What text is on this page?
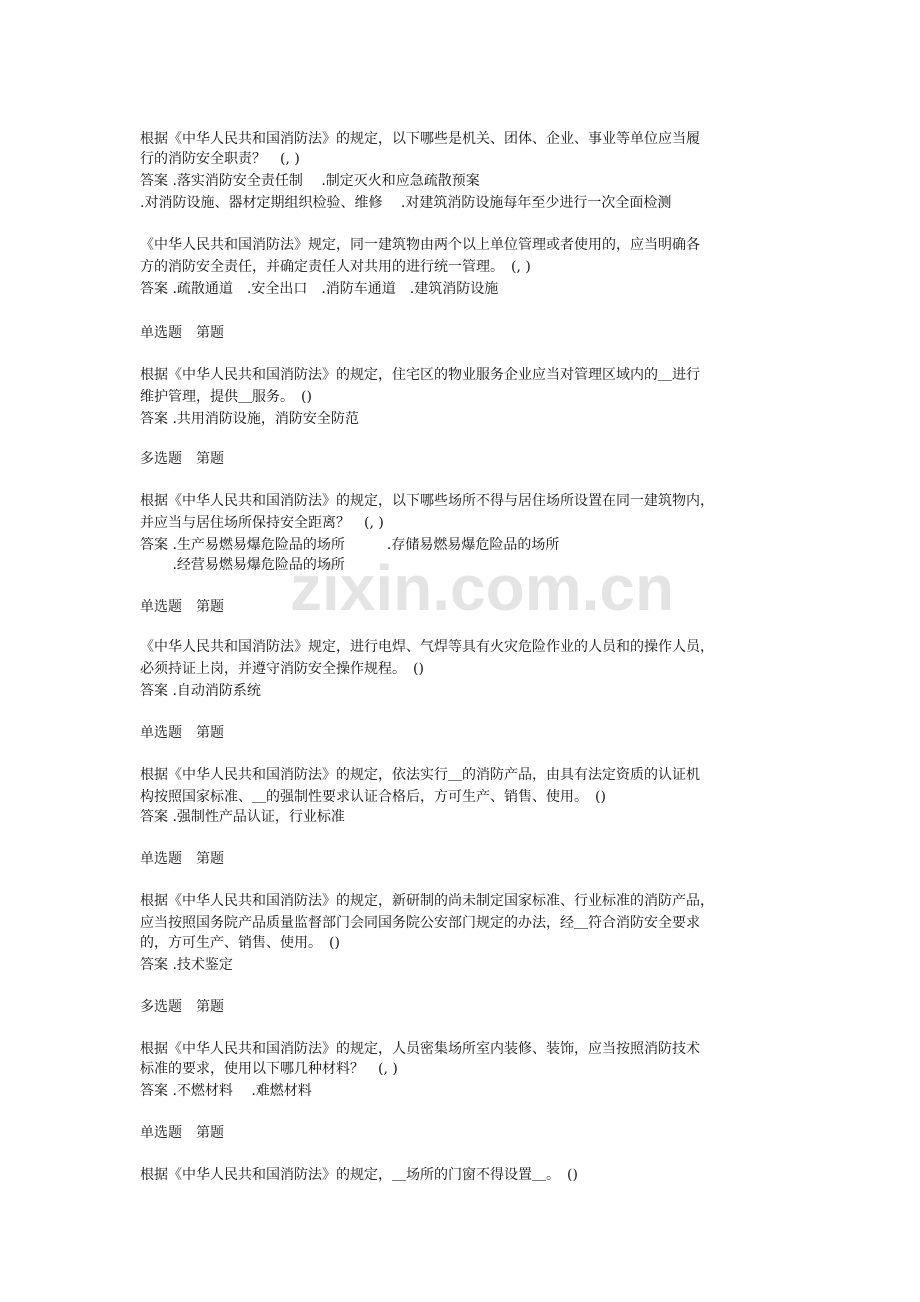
根据《中华人民共和国消防法》的规定，以下哪些是机关、团体、企业、事业等单位应当履
行的消防安全职责？　(, )
答案 .落实消防安全责任制　 .制定灭火和应急疏散预案
.对消防设施、器材定期组织检验、维修　 .对建筑消防设施每年至少进行一次全面检测
《中华人民共和国消防法》规定，同一建筑物由两个以上单位管理或者使用的，应当明确各
方的消防安全责任，并确定责任人对共用的进行统一管理。　(, )
答案 .疏散通道　.安全出口　.消防车通道　.建筑消防设施
单选题　第题
根据《中华人民共和国消防法》的规定，住宅区的物业服务企业应当对管理区域内的＿进行
维护管理，提供＿服务。　()
答案 .共用消防设施，消防安全防范
多选题　第题
根据《中华人民共和国消防法》的规定，以下哪些场所不得与居住场所设置在同一建筑物内，
并应当与居住场所保持安全距离？　(, )
答案 .生产易燃易爆危险品的场所　　　.存储易燃易爆危险品的场所
　　 .经营易燃易爆危险品的场所
单选题　第题
《中华人民共和国消防法》规定，进行电焊、气焊等具有火灾危险作业的人员和的操作人员，
必须持证上岗，并遵守消防安全操作规程。　()
答案 .自动消防系统
单选题　第题
根据《中华人民共和国消防法》的规定，依法实行＿的消防产品，由具有法定资质的认证机
构按照国家标准、＿的强制性要求认证合格后，方可生产、销售、使用。　()
答案 .强制性产品认证，行业标准
单选题　第题
根据《中华人民共和国消防法》的规定，新研制的尚未制定国家标准、行业标准的消防产品，
应当按照国务院产品质量监督部门会同国务院公安部门规定的办法，经＿符合消防安全要求
的，方可生产、销售、使用。　()
答案 .技术鉴定
多选题　第题
根据《中华人民共和国消防法》的规定，人员密集场所室内装修、装饰，应当按照消防技术
标准的要求，使用以下哪几种材料？　(, )
答案 .不燃材料　 .难燃材料
单选题　第题
根据《中华人民共和国消防法》的规定，＿场所的门窗不得设置＿。　()
zixin.com.cn
